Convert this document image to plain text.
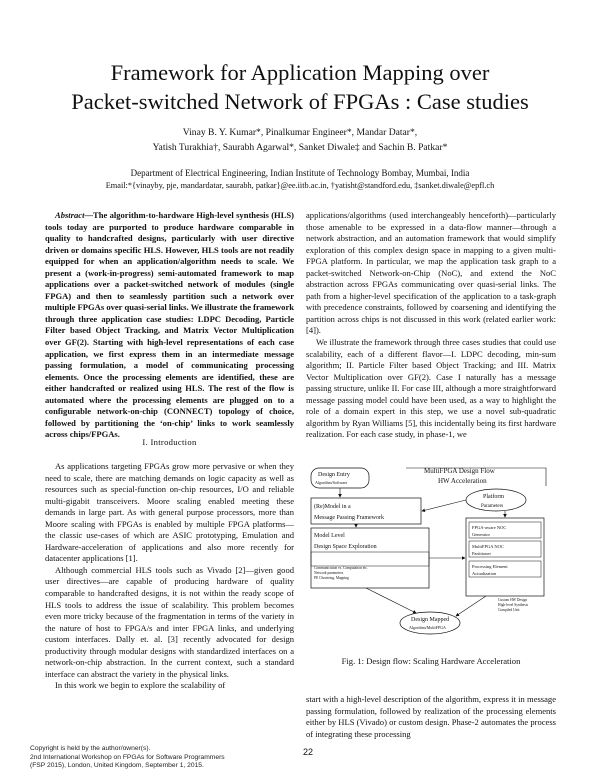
Framework for Application Mapping over
Packet-switched Network of FPGAs : Case studies
Vinay B. Y. Kumar*, Pinalkumar Engineer*, Mandar Datar*,
Yatish Turakhia†, Saurabh Agarwal*, Sanket Diwale‡ and Sachin B. Patkar*
Department of Electrical Engineering, Indian Institute of Technology Bombay, Mumbai, India
Email:*{vinayby, pje, mandardatar, saurabh, patkar}@ee.iitb.ac.in, †yatisht@standford.edu, ‡sanket.diwale@epfl.ch
Abstract—The algorithm-to-hardware High-level synthesis (HLS) tools today are purported to produce hardware comparable in quality to handcrafted designs, particularly with user directive driven or domains specific HLS. However, HLS tools are not readily equipped for when an application/algorithm needs to scale. We present a (work-in-progress) semi-automated framework to map applications over a packet-switched network of modules (single FPGA) and then to seamlessly partition such a network over multiple FPGAs over quasi-serial links. We illustrate the framework through three application case studies: LDPC Decoding, Particle Filter based Object Tracking, and Matrix Vector Multiplication over GF(2). Starting with high-level representations of each case application, we first express them in an intermediate message passing formulation, a model of communicating processing elements. Once the processing elements are identified, these are either handcrafted or realized using HLS. The rest of the flow is automated where the processing elements are plugged on to a configurable network-on-chip (CONNECT) topology of choice, followed by partitioning the ‘on-chip’ links to work seamlessly across chips/FPGAs.
I. Introduction

As applications targeting FPGAs grow more pervasive or when they need to scale, there are matching demands on logic capacity as well as resources such as special-function on-chip resources, I/O and reliable multi-gigabit transceivers. Moore scaling enabled meeting these demands in large part. As with general purpose processors, more than Moore scaling with FPGAs is enabled by multiple FPGA platforms—the classic use-cases of which are ASIC prototyping, Emulation and Hardware-acceleration of applications and also more recently for datacenter applications [1].

Although commercial HLS tools such as Vivado [2]—given good user directives—are capable of producing hardware of quality comparable to handcrafted designs, it is not within the ready scope of HLS tools to address the issue of scalability. This problem becomes even more tricky because of the fragmentation in terms of the variety in the nature of host to FPGA/s and inter FPGA links, and underlying custom interfaces. Dally et. al. [3] recently advocated for design productivity through modular designs with standardized interfaces on a network-on-chip abstraction. In the current context, such a standard interface can abstract the variety in the physical links.

In this work we begin to explore the scalability of

applications/algorithms (used interchangeably henceforth)—particularly those amenable to be expressed in a data-flow manner—through a network abstraction, and an automation framework that would simplify exploration of this complex design space in mapping to a given multi-FPGA platform. In particular, we map the application task graph to a packet-switched Network-on-Chip (NoC), and extend the NoC abstraction across FPGAs communicating over quasi-serial links. The path from a higher-level specification of the application to a task-graph with precedence constraints, followed by coarsening and identifying the partition across chips is not discussed in this work (related earlier work: [4]).

We illustrate the framework through three cases studies that could use scalability, each of a different flavor—I. LDPC decoding, min-sum algorithm; II. Particle Filter based Object Tracking; and III. Matrix Vector Multiplication over GF(2). Case I naturally has a message passing structure, unlike II. For case III, although a more straightforward message passing model could have been used, as a way to highlight the role of a domain expert in this step, we use a novel sub-quadratic algorithm by Ryan Williams [5], this incidentally being its first hardware realization. For each case study, in phase-1, we

MultiFPGA Design Flow
HW Acceleration
Design Entry
Algorithm/Software
Platform
Parameters
(Re)Model in a
Message Passing Framework
Model Level
Design Space Exploration
Communication vs. Computation etc.
Network parameters
PE Clustering, Mapping
FPGA-aware NOC
Generator
MultiFPGA NOC
Partitioner
Processing Element
Actualization
Custom HW Design
High-level Synthesis
Compiled Unit
Design Mapped
Algorithm/MultiFPGA
Fig. 1: Design flow: Scaling Hardware Acceleration

start with a high-level description of the algorithm, express it in message passing formulation, followed by realization of the processing elements either by HLS (Vivado) or custom design. Phase-2 automates the process of integrating these processing

Copyright is held by the author/owner(s).
2nd International Workshop on FPGAs for Software Programmers
(FSP 2015), London, United Kingdom, September 1, 2015.
22
